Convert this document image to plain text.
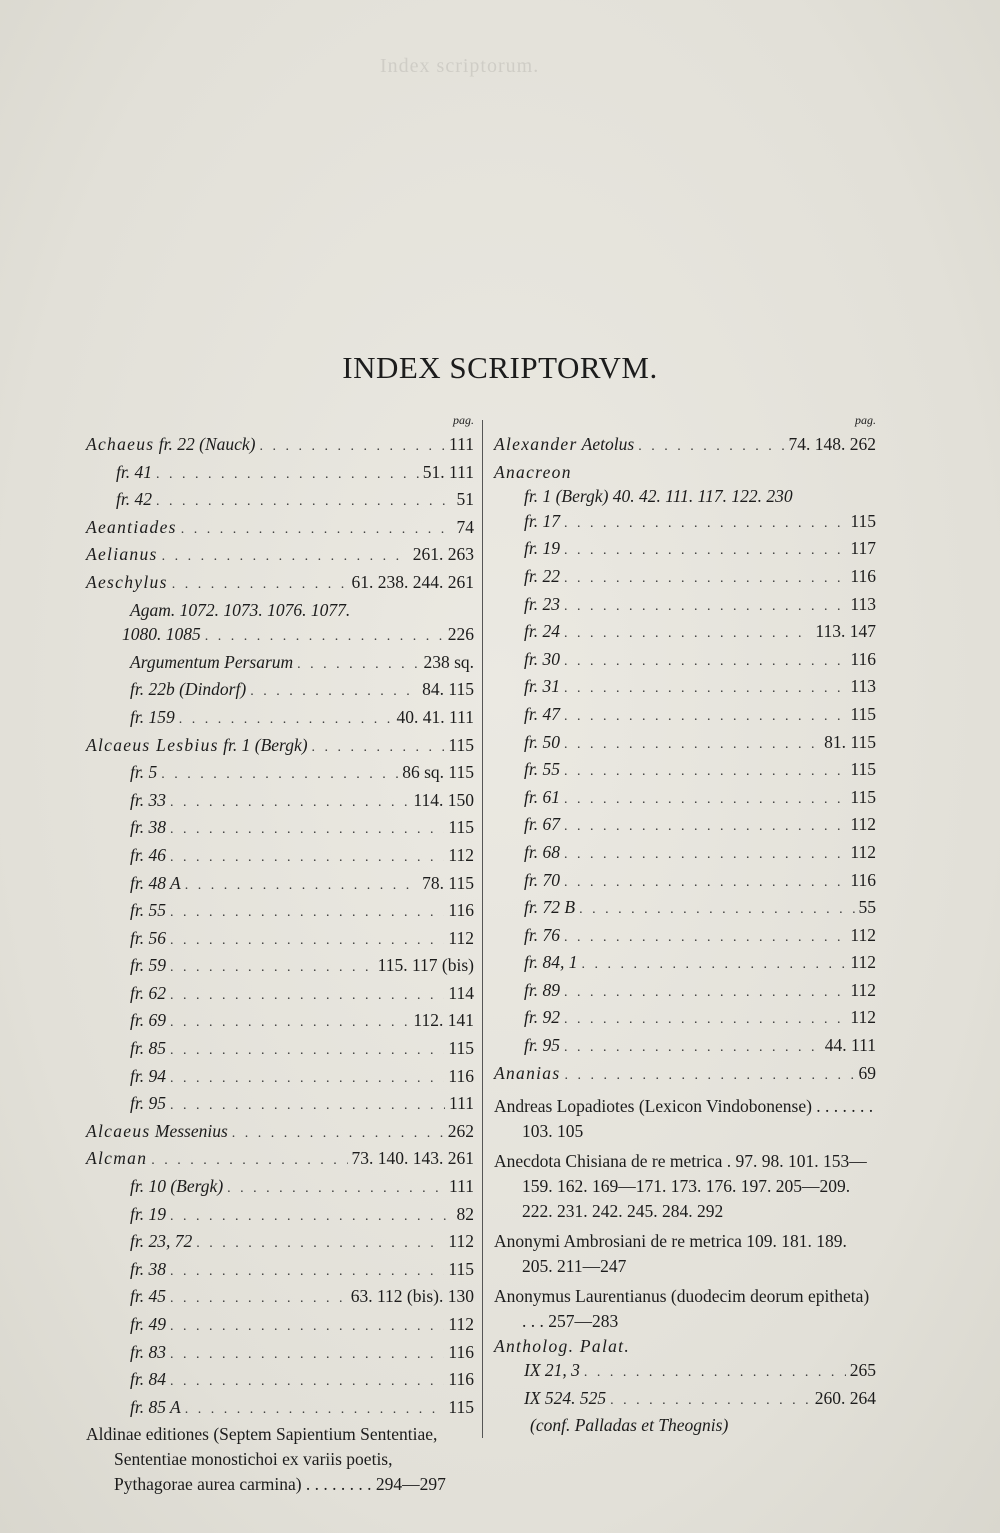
Index scriptorum.
INDEX SCRIPTORVM.
pag.
Achaeus fr. 22 (Nauck) . . .	111
fr. 41 . . .	51. 111
fr. 42 . . .	51
Aeantiades . . .	74
Aelianus . . .	261. 263
Aeschylus . . .	61. 238. 244. 261
Agam. 1072. 1073. 1076. 1077.
1080. 1085 . . .	226
Argumentum Persarum . . .	238 sq.
fr. 22b (Dindorf) . . .	84. 115
fr. 159 . . .	40. 41. 111
Alcaeus Lesbius fr. 1 (Bergk) . . .	115
fr. 5 . . .	86 sq. 115
fr. 33 . . .	114. 150
fr. 38 . . .	115
fr. 46 . . .	112
fr. 48 A . . .	78. 115
fr. 55 . . .	116
fr. 56 . . .	112
fr. 59 . . .	115. 117 (bis)
fr. 62 . . .	114
fr. 69 . . .	112. 141
fr. 85 . . .	115
fr. 94 . . .	116
fr. 95 . . .	111
Alcaeus Messenius . . .	262
Alcman . . .	73. 140. 143. 261
fr. 10 (Bergk) . . .	111
fr. 19 . . .	82
fr. 23, 72 . . .	112
fr. 38 . . .	115
fr. 45 . . .	63. 112 (bis). 130
fr. 49 . . .	112
fr. 83 . . .	116
fr. 84 . . .	116
fr. 85 A . . .	115
Aldinae editiones (Septem Sapientium Sententiae, Sententiae monostichoi ex variis poetis, Pythagorae aurea carmina) . . . . . . . . 294—297
pag.
Alexander Aetolus . . .	74. 148. 262
Anacreon
fr. 1 (Bergk) 40. 42. 111. 117. 122. 230
fr. 17 . . .	115
fr. 19 . . .	117
fr. 22 . . .	116
fr. 23 . . .	113
fr. 24 . . .	113. 147
fr. 30 . . .	116
fr. 31 . . .	113
fr. 47 . . .	115
fr. 50 . . .	81. 115
fr. 55 . . .	115
fr. 61 . . .	115
fr. 67 . . .	112
fr. 68 . . .	112
fr. 70 . . .	116
fr. 72 B . . .	55
fr. 76 . . .	112
fr. 84, 1 . . .	112
fr. 89 . . .	112
fr. 92 . . .	112
fr. 95 . . .	44. 111
Ananias . . .	69
Andreas Lopadiotes (Lexicon Vindobonense) . . . . . . . 103. 105
Anecdota Chisiana de re metrica . 97. 98. 101. 153—159. 162. 169—171. 173. 176. 197. 205—209. 222. 231. 242. 245. 284. 292
Anonymi Ambrosiani de re metrica 109. 181. 189. 205. 211—247
Anonymus Laurentianus (duodecim deorum epitheta) . . . 257—283
Antholog. Palat.
IX 21, 3 . . .	265
IX 524. 525 . . .	260. 264
(conf. Palladas et Theognis)
